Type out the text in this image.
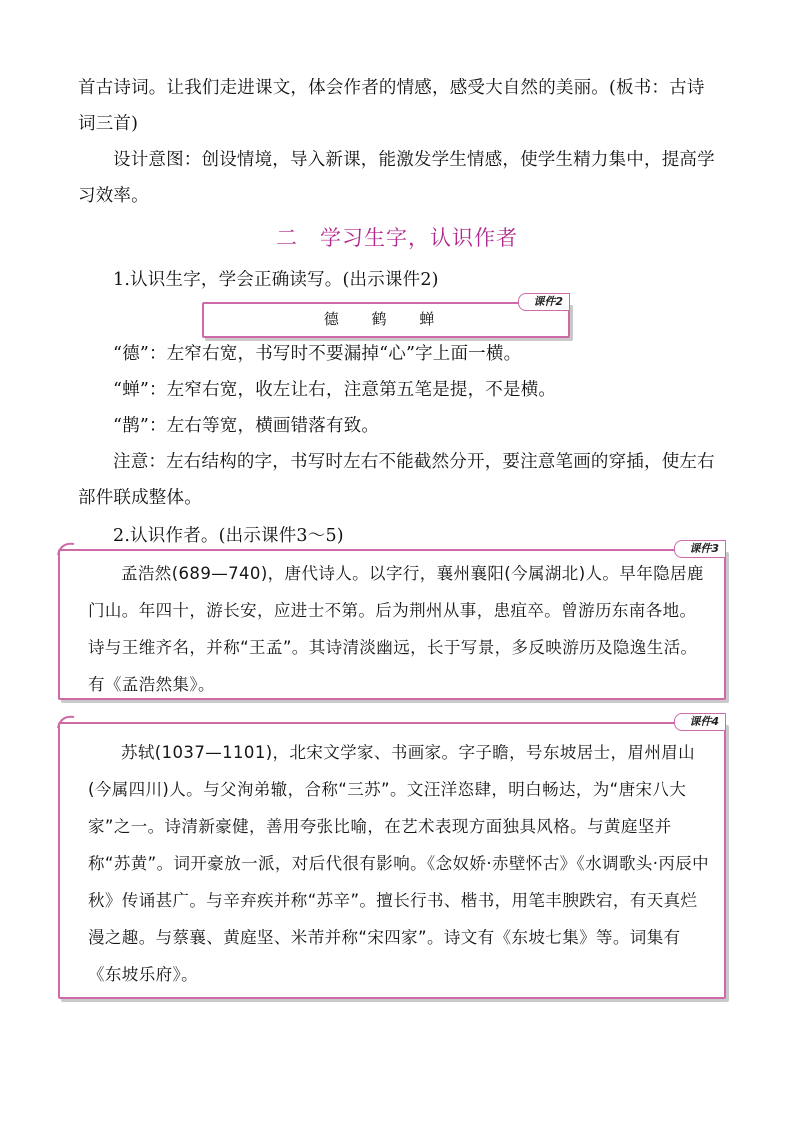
首古诗词。让我们走进课文，体会作者的情感，感受大自然的美丽。(板书：古诗词三首)

设计意图：创设情境，导入新课，能激发学生情感，使学生精力集中，提高学习效率。

二　学习生字，认识作者

1.认识生字，学会正确读写。(出示课件2)

课件2
德 鹤 蝉

“德”：左窄右宽，书写时不要漏掉“心”字上面一横。

“蝉”：左窄右宽，收左让右，注意第五笔是提，不是横。

“鹊”：左右等宽，横画错落有致。

注意：左右结构的字，书写时左右不能截然分开，要注意笔画的穿插，使左右部件联成整体。

2.认识作者。(出示课件3～5)

课件3

孟浩然(689—740)，唐代诗人。以字行，襄州襄阳(今属湖北)人。早年隐居鹿门山。年四十，游长安，应进士不第。后为荆州从事，患疽卒。曾游历东南各地。诗与王维齐名，并称“王孟”。其诗清淡幽远，长于写景，多反映游历及隐逸生活。有《孟浩然集》。

课件4

苏轼(1037—1101)，北宋文学家、书画家。字子瞻，号东坡居士，眉州眉山(今属四川)人。与父洵弟辙，合称“三苏”。文汪洋恣肆，明白畅达，为“唐宋八大家”之一。诗清新豪健，善用夸张比喻，在艺术表现方面独具风格。与黄庭坚并称“苏黄”。词开豪放一派，对后代很有影响。《念奴娇·赤壁怀古》《水调歌头·丙辰中秋》传诵甚广。与辛弃疾并称“苏辛”。擅长行书、楷书，用笔丰腴跌宕，有天真烂漫之趣。与蔡襄、黄庭坚、米芾并称“宋四家”。诗文有《东坡七集》等。词集有《东坡乐府》。
